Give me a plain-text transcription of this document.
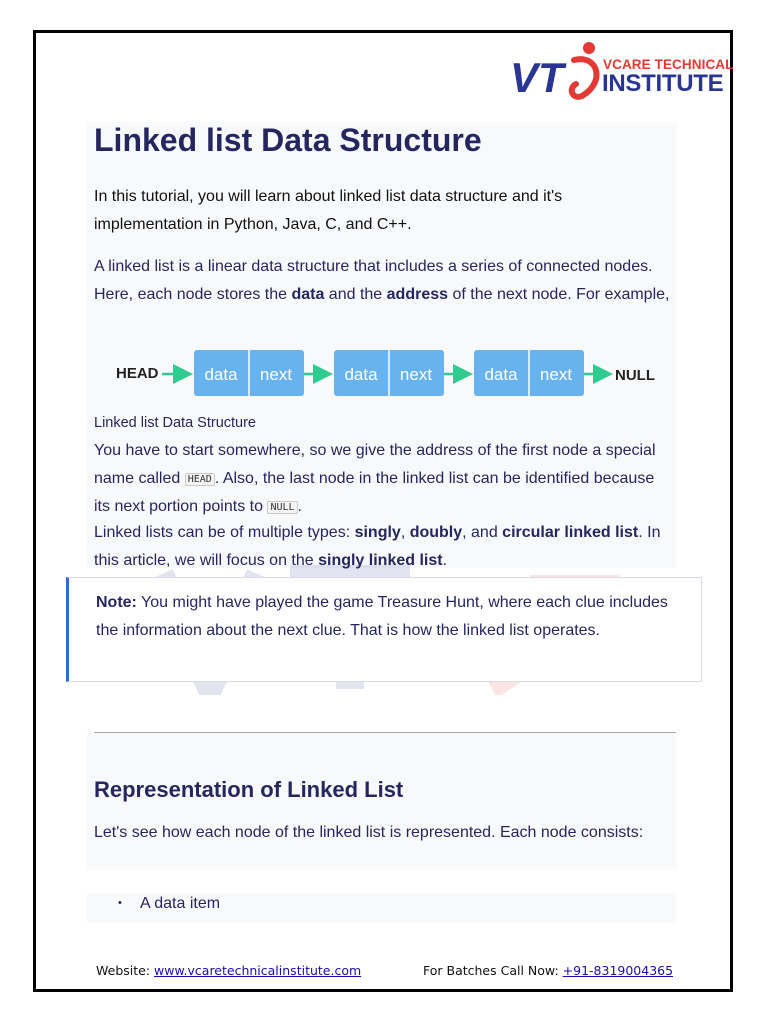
VT	VCARE TECHNICAL
INSTITUTE
Linked list Data Structure
In this tutorial, you will learn about linked list data structure and it's implementation in Python, Java, C, and C++.
A linked list is a linear data structure that includes a series of connected nodes. Here, each node stores the data and the address of the next node. For example,
HEAD	data next	data next	data next	NULL
Linked list Data Structure
You have to start somewhere, so we give the address of the first node a special name called HEAD . Also, the last node in the linked list can be identified because its next portion points to NULL .
Linked lists can be of multiple types: singly, doubly, and circular linked list. In this article, we will focus on the singly linked list.
Note: You might have played the game Treasure Hunt, where each clue includes the information about the next clue. That is how the linked list operates.
Representation of Linked List
Let's see how each node of the linked list is represented. Each node consists:
• A data item
Website: www.vcaretechnicalinstitute.com	For Batches Call Now: +91-8319004365
